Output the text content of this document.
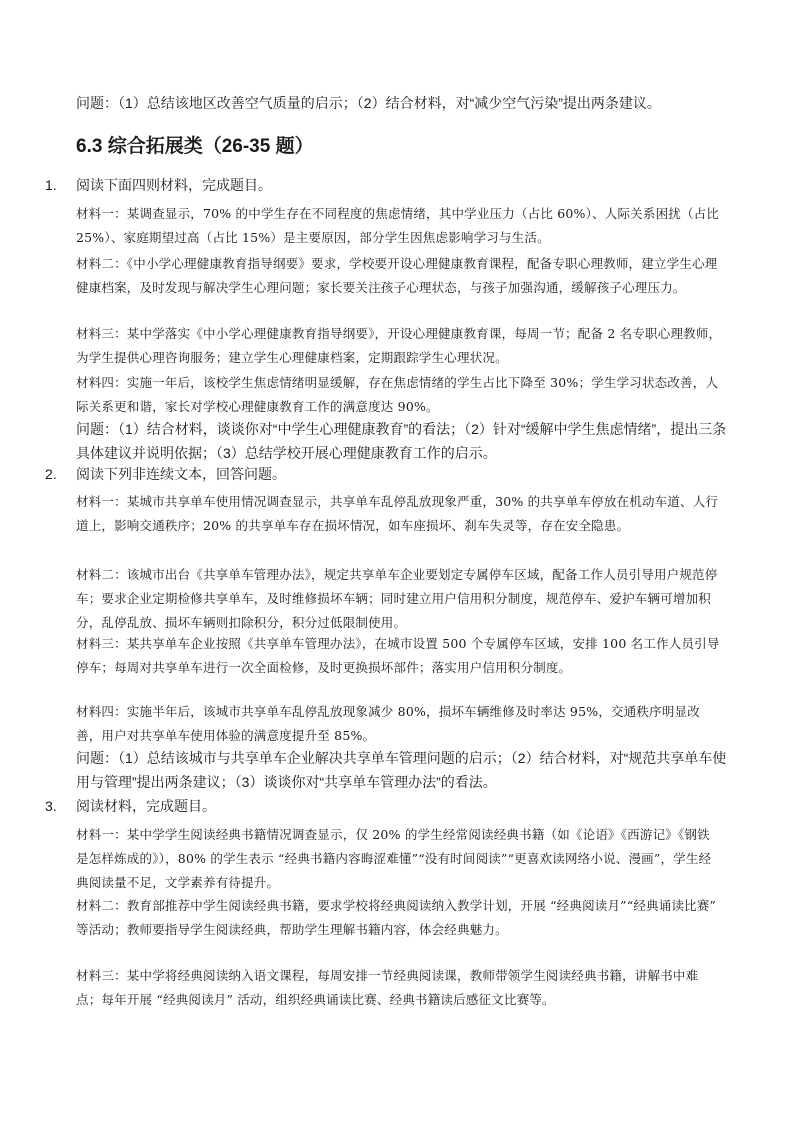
问题：（1）总结该地区改善空气质量的启示；（2）结合材料，对“减少空气污染”提出两条建议。
6.3 综合拓展类（26-35 题）
1. 阅读下面四则材料，完成题目。
材料一：某调查显示，70% 的中学生存在不同程度的焦虑情绪，其中学业压力（占比 60%）、人际关系困扰（占比 25%）、家庭期望过高（占比 15%）是主要原因，部分学生因焦虑影响学习与生活。
材料二：《中小学心理健康教育指导纲要》要求，学校要开设心理健康教育课程，配备专职心理教师，建立学生心理健康档案，及时发现与解决学生心理问题；家长要关注孩子心理状态，与孩子加强沟通，缓解孩子心理压力。
材料三：某中学落实《中小学心理健康教育指导纲要》，开设心理健康教育课，每周一节；配备 2 名专职心理教师，为学生提供心理咨询服务；建立学生心理健康档案，定期跟踪学生心理状况。
材料四：实施一年后，该校学生焦虑情绪明显缓解，存在焦虑情绪的学生占比下降至 30%；学生学习状态改善，人际关系更和谐，家长对学校心理健康教育工作的满意度达 90%。
问题：（1）结合材料，谈谈你对“中学生心理健康教育”的看法；（2）针对“缓解中学生焦虑情绪”，提出三条具体建议并说明依据；（3）总结学校开展心理健康教育工作的启示。
2. 阅读下列非连续文本，回答问题。
材料一：某城市共享单车使用情况调查显示，共享单车乱停乱放现象严重，30% 的共享单车停放在机动车道、人行道上，影响交通秩序；20% 的共享单车存在损坏情况，如车座损坏、刹车失灵等，存在安全隐患。
材料二：该城市出台《共享单车管理办法》，规定共享单车企业要划定专属停车区域，配备工作人员引导用户规范停车；要求企业定期检修共享单车，及时维修损坏车辆；同时建立用户信用积分制度，规范停车、爱护车辆可增加积分，乱停乱放、损坏车辆则扣除积分，积分过低限制使用。
材料三：某共享单车企业按照《共享单车管理办法》，在城市设置 500 个专属停车区域，安排 100 名工作人员引导停车；每周对共享单车进行一次全面检修，及时更换损坏部件；落实用户信用积分制度。
材料四：实施半年后，该城市共享单车乱停乱放现象减少 80%，损坏车辆维修及时率达 95%，交通秩序明显改善，用户对共享单车使用体验的满意度提升至 85%。
问题：（1）总结该城市与共享单车企业解决共享单车管理问题的启示；（2）结合材料，对“规范共享单车使用与管理”提出两条建议；（3）谈谈你对“共享单车管理办法”的看法。
3. 阅读材料，完成题目。
材料一：某中学学生阅读经典书籍情况调查显示，仅 20% 的学生经常阅读经典书籍（如《论语》《西游记》《钢铁是怎样炼成的》），80% 的学生表示 “经典书籍内容晦涩难懂”“没有时间阅读”“更喜欢读网络小说、漫画”，学生经典阅读量不足，文学素养有待提升。
材料二：教育部推荐中学生阅读经典书籍，要求学校将经典阅读纳入教学计划，开展 “经典阅读月”“经典诵读比赛” 等活动；教师要指导学生阅读经典，帮助学生理解书籍内容，体会经典魅力。
材料三：某中学将经典阅读纳入语文课程，每周安排一节经典阅读课，教师带领学生阅读经典书籍，讲解书中难点；每年开展 “经典阅读月” 活动，组织经典诵读比赛、经典书籍读后感征文比赛等。
